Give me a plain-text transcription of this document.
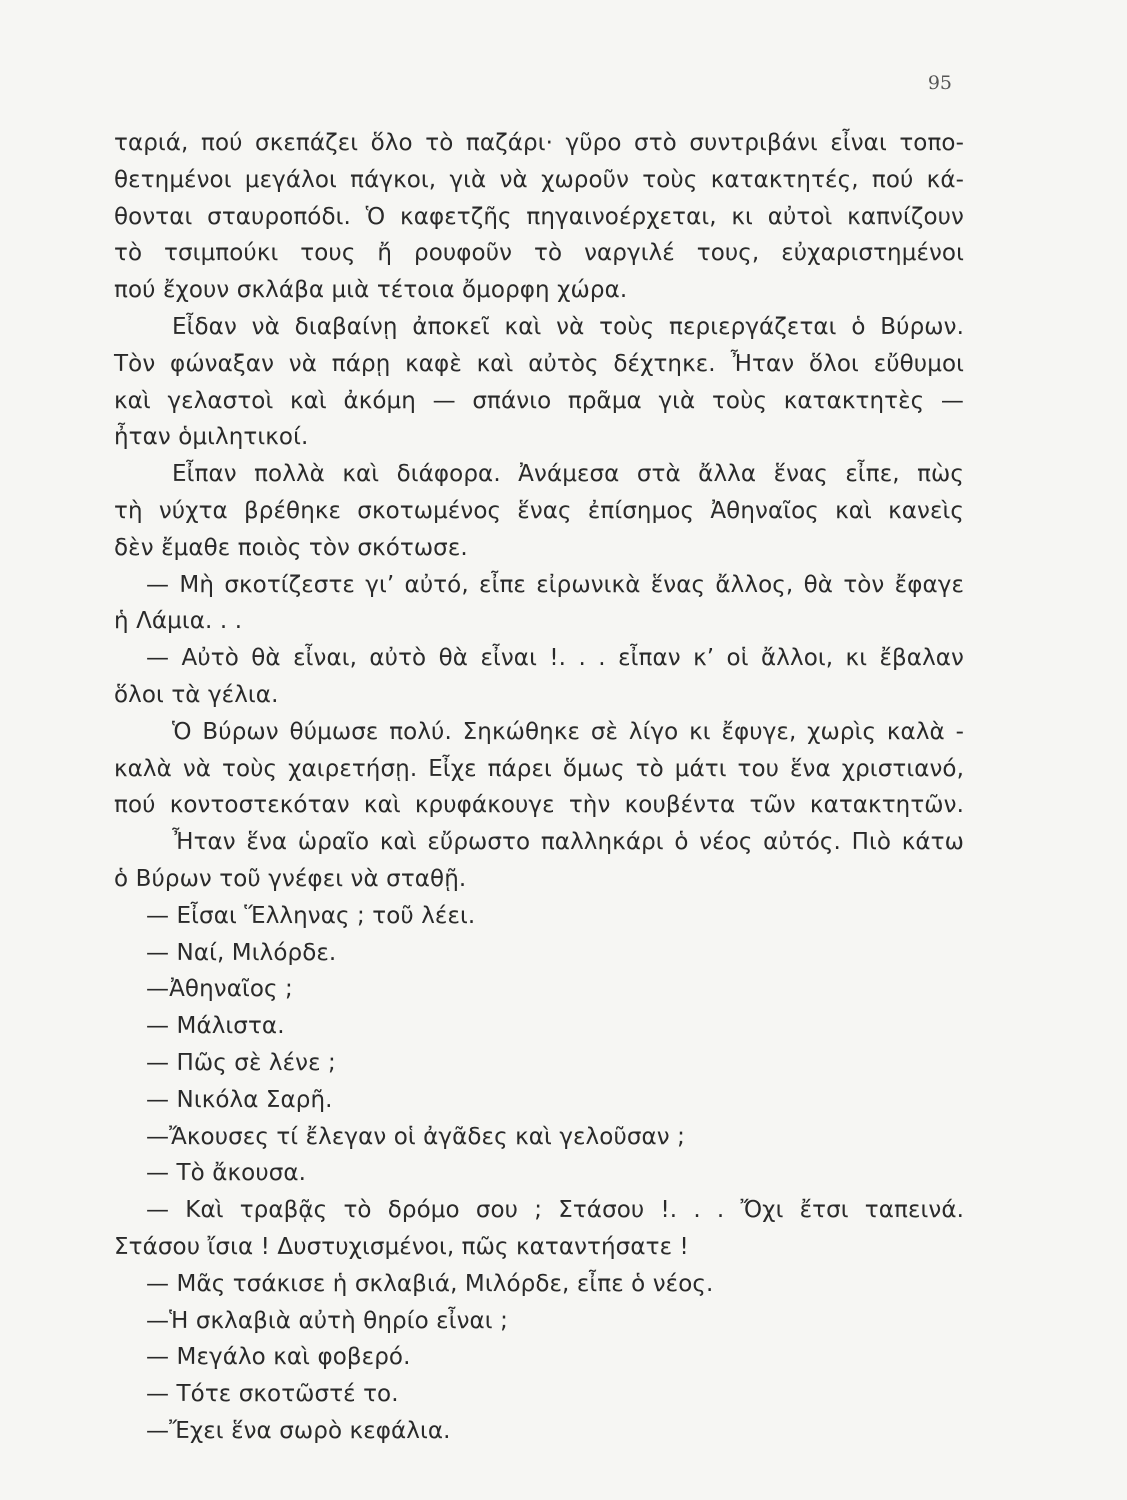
95
ταριά, πού σκεπάζει ὅλο τὸ παζάρι· γῦρο στὸ συντριβάνι εἶναι τοπο-
θετημένοι μεγάλοι πάγκοι, γιὰ νὰ χωροῦν τοὺς κατακτητές, πού κά-
θονται σταυροπόδι. Ὁ καφετζῆς πηγαινοέρχεται, κι αὐτοὶ καπνίζουν
τὸ τσιμπούκι τους ἤ ρουφοῦν τὸ ναργιλέ τους, εὐχαριστημένοι
πού ἔχουν σκλάβα μιὰ τέτοια ὄμορφη χώρα.
Εἶδαν νὰ διαβαίνῃ ἀποκεῖ καὶ νὰ τοὺς περιεργάζεται ὁ Βύρων.
Τὸν φώναξαν νὰ πάρῃ καφὲ καὶ αὐτὸς δέχτηκε. Ἦταν ὅλοι εὔθυμοι
καὶ γελαστοὶ καὶ ἀκόμη — σπάνιο πρᾶμα γιὰ τοὺς κατακτητὲς —
ἦταν ὁμιλητικοί.
Εἶπαν πολλὰ καὶ διάφορα. Ἀνάμεσα στὰ ἄλλα ἕνας εἶπε, πὼς
τὴ νύχτα βρέθηκε σκοτωμένος ἕνας ἐπίσημος Ἀθηναῖος καὶ κανεὶς
δὲν ἔμαθε ποιὸς τὸν σκότωσε.
— Μὴ σκοτίζεστε γι’ αὐτό, εἶπε εἰρωνικὰ ἕνας ἄλλος, θὰ τὸν ἔφαγε
ἡ Λάμια. . .
— Αὐτὸ θὰ εἶναι, αὐτὸ θὰ εἶναι !. . . εἶπαν κ’ οἱ ἄλλοι, κι ἔβαλαν
ὅλοι τὰ γέλια.
Ὁ Βύρων θύμωσε πολύ. Σηκώθηκε σὲ λίγο κι ἔφυγε, χωρὶς καλὰ -
καλὰ νὰ τοὺς χαιρετήσῃ. Εἶχε πάρει ὅμως τὸ μάτι του ἕνα χριστιανό,
πού κοντοστεκόταν καὶ κρυφάκουγε τὴν κουβέντα τῶν κατακτητῶν.
Ἦταν ἕνα ὡραῖο καὶ εὔρωστο παλληκάρι ὁ νέος αὐτός. Πιὸ κάτω
ὁ Βύρων τοῦ γνέφει νὰ σταθῇ.
— Εἶσαι Ἕλληνας ; τοῦ λέει.
— Ναί, Μιλόρδε.
—Ἀθηναῖος ;
— Μάλιστα.
— Πῶς σὲ λένε ;
— Νικόλα Σαρῆ.
—Ἄκουσες τί ἔλεγαν οἱ ἀγᾶδες καὶ γελοῦσαν ;
— Τὸ ἄκουσα.
— Καὶ τραβᾷς τὸ δρόμο σου ; Στάσου !. . . Ὄχι ἔτσι ταπεινά.
Στάσου ἴσια ! Δυστυχισμένοι, πῶς καταντήσατε !
— Μᾶς τσάκισε ἡ σκλαβιά, Μιλόρδε, εἶπε ὁ νέος.
—Ἡ σκλαβιὰ αὐτὴ θηρίο εἶναι ;
— Μεγάλο καὶ φοβερό.
— Τότε σκοτῶστέ το.
—Ἔχει ἕνα σωρὸ κεφάλια.
